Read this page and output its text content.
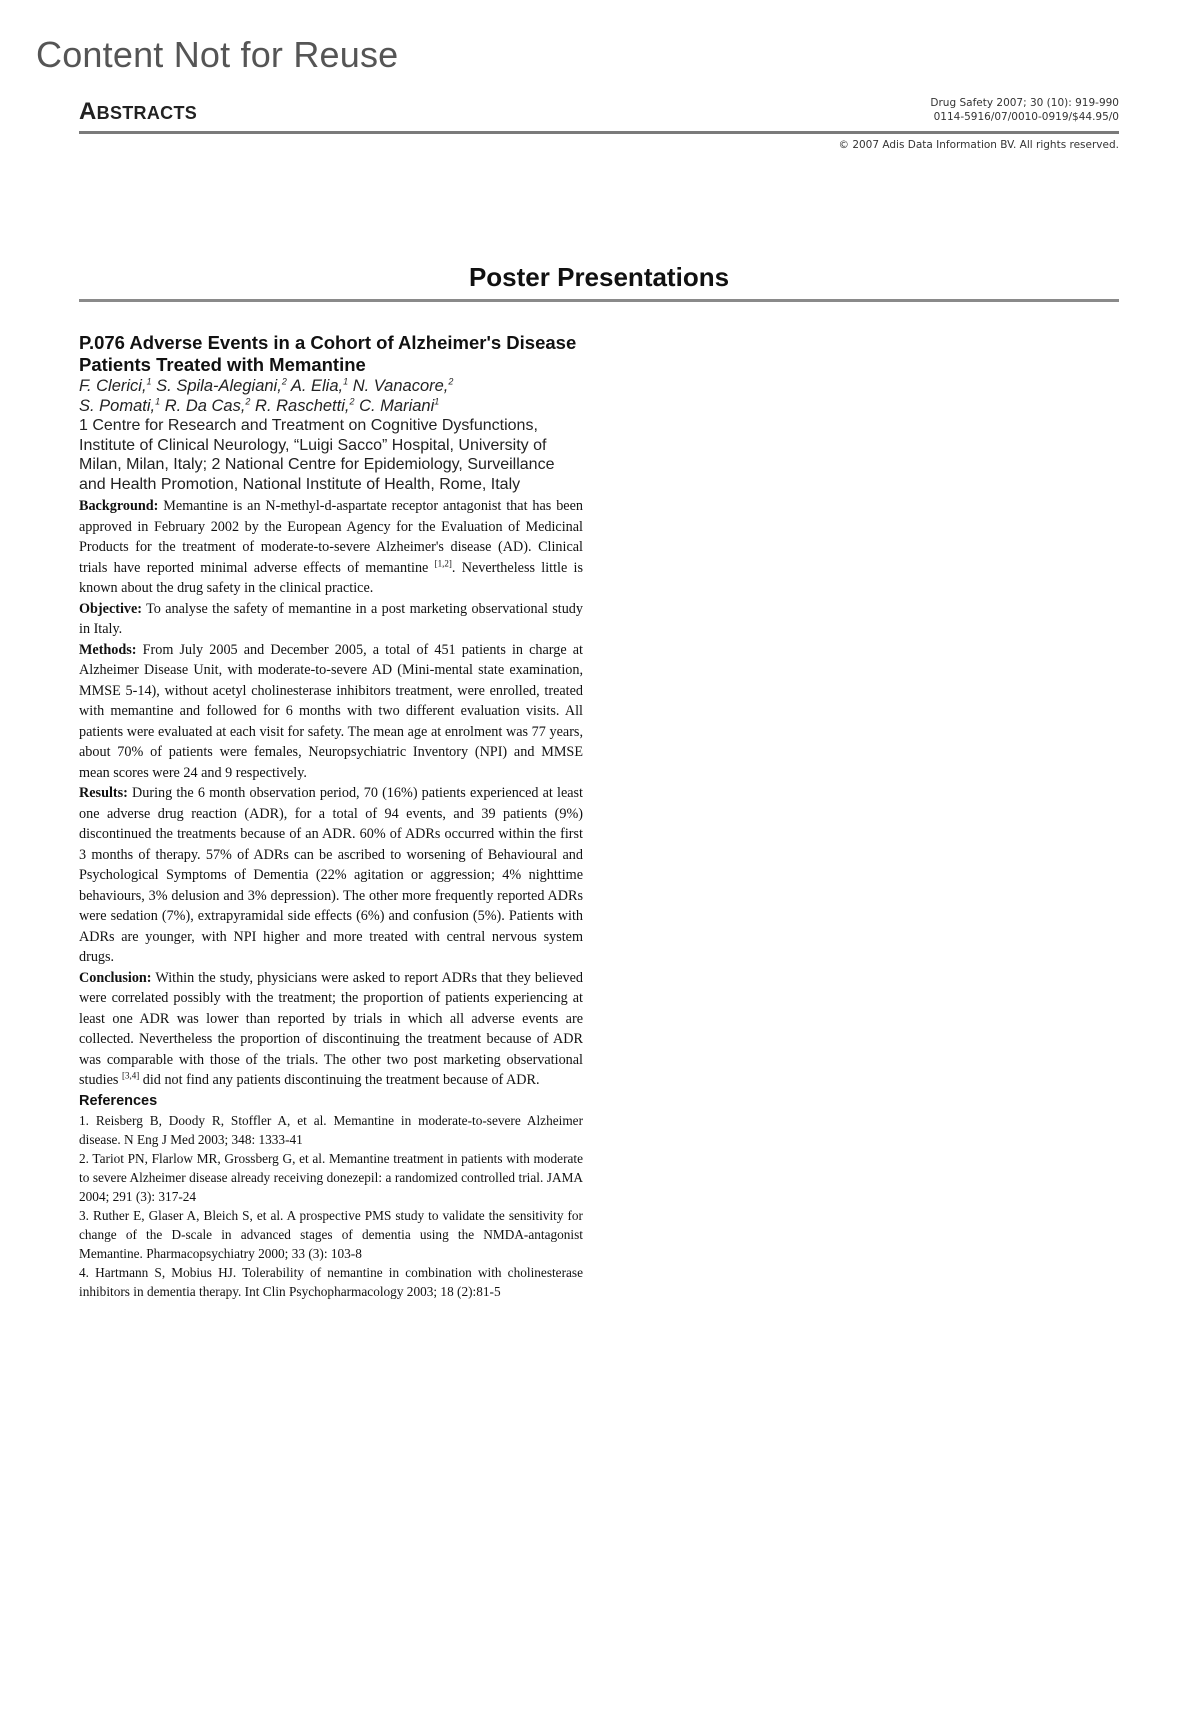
Content Not for Reuse
ABSTRACTS	Drug Safety 2007; 30 (10): 919-990
0114-5916/07/0010-0919/$44.95/0
© 2007 Adis Data Information BV. All rights reserved.
Poster Presentations

P.076 Adverse Events in a Cohort of Alzheimer's Disease Patients Treated with Memantine

F. Clerici,$^1$ S. Spila-Alegiani,$^2$ A. Elia,$^1$ N. Vanacore,$^2$
S. Pomati,$^1$ R. Da Cas,$^2$ R. Raschetti,$^2$ C. Mariani$^1$

1 Centre for Research and Treatment on Cognitive Dysfunctions, Institute of Clinical Neurology, “Luigi Sacco” Hospital, University of Milan, Milan, Italy; 2 National Centre for Epidemiology, Surveillance and Health Promotion, National Institute of Health, Rome, Italy

Background: Memantine is an N-methyl-d-aspartate receptor antagonist that has been approved in February 2002 by the European Agency for the Evaluation of Medicinal Products for the treatment of moderate-to-severe Alzheimer's disease (AD). Clinical trials have reported minimal adverse effects of memantine [1,2]. Nevertheless little is known about the drug safety in the clinical practice.

Objective: To analyse the safety of memantine in a post marketing observational study in Italy.

Methods: From July 2005 and December 2005, a total of 451 patients in charge at Alzheimer Disease Unit, with moderate-to-severe AD (Mini-mental state examination, MMSE 5-14), without acetyl cholinesterase inhibitors treatment, were enrolled, treated with memantine and followed for 6 months with two different evaluation visits. All patients were evaluated at each visit for safety. The mean age at enrolment was 77 years, about 70% of patients were females, Neuropsychiatric Inventory (NPI) and MMSE mean scores were 24 and 9 respectively.

Results: During the 6 month observation period, 70 (16%) patients experienced at least one adverse drug reaction (ADR), for a total of 94 events, and 39 patients (9%) discontinued the treatments because of an ADR. 60% of ADRs occurred within the first 3 months of therapy. 57% of ADRs can be ascribed to worsening of Behavioural and Psychological Symptoms of Dementia (22% agitation or aggression; 4% nighttime behaviours, 3% delusion and 3% depression). The other more frequently reported ADRs were sedation (7%), extrapyramidal side effects (6%) and confusion (5%). Patients with ADRs are younger, with NPI higher and more treated with central nervous system drugs.

Conclusion: Within the study, physicians were asked to report ADRs that they believed were correlated possibly with the treatment; the proportion of patients experiencing at least one ADR was lower than reported by trials in which all adverse events are collected. Nevertheless the proportion of discontinuing the treatment because of ADR was comparable with those of the trials. The other two post marketing observational studies [3,4] did not find any patients discontinuing the treatment because of ADR.

References

1. Reisberg B, Doody R, Stoffler A, et al. Memantine in moderate-to-severe Alzheimer disease. N Eng J Med 2003; 348: 1333-41

2. Tariot PN, Flarlow MR, Grossberg G, et al. Memantine treatment in patients with moderate to severe Alzheimer disease already receiving donezepil: a randomized controlled trial. JAMA 2004; 291 (3): 317-24

3. Ruther E, Glaser A, Bleich S, et al. A prospective PMS study to validate the sensitivity for change of the D-scale in advanced stages of dementia using the NMDA-antagonist Memantine. Pharmacopsychiatry 2000; 33 (3): 103-8

4. Hartmann S, Mobius HJ. Tolerability of nemantine in combination with cholinesterase inhibitors in dementia therapy. Int Clin Psychopharmacology 2003; 18 (2):81-5
